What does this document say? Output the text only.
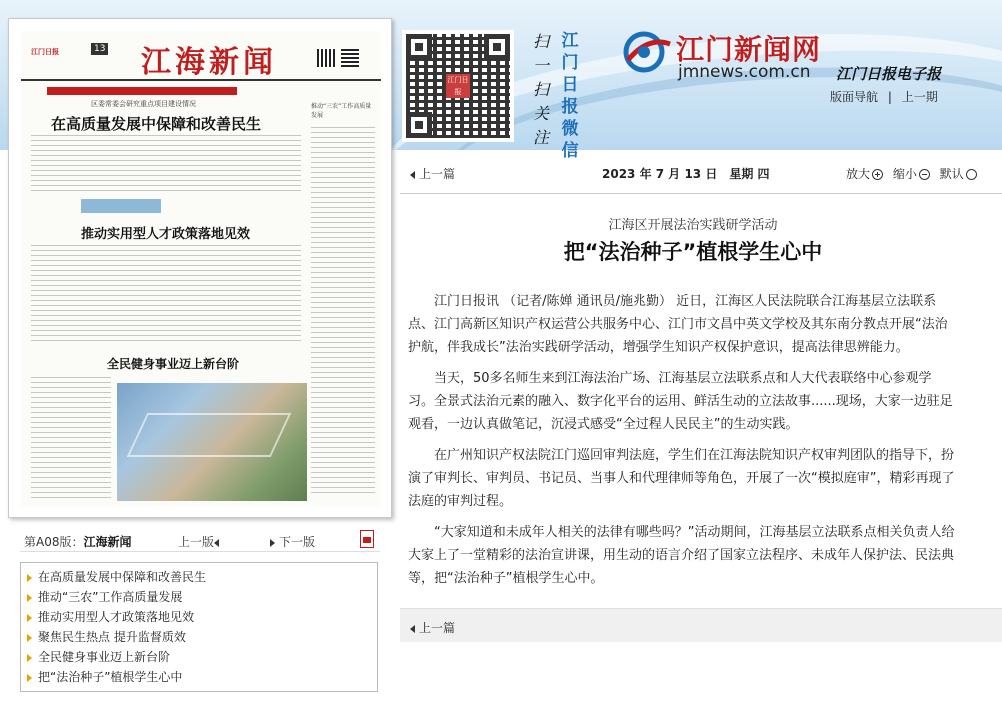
江门日报	13 江海新闻
区委常委会研究重点项目建设情况
在高质量发展中保障和改善民生
推动实用型人才政策落地见效
推动“三农”工作高质量发展
全民健身事业迈上新台阶
第A08版：江海新闻	上一版	下一版
在高质量发展中保障和改善民生
推动“三农”工作高质量发展
推动实用型人才政策落地见效
聚焦民生热点 提升监督质效
全民健身事业迈上新台阶
把“法治种子”植根学生心中
江门日报
扫一扫关注
江门日报微信
江门新闻网
jmnews.com.cn 江门日报电子报
版面导航 | 上一期
上一篇	2023 年 7 月 13 日　星期 四	放大 缩小 默认
江海区开展法治实践研学活动
把“法治种子”植根学生心中

江门日报讯 （记者/陈婵 通讯员/施兆勤） 近日，江海区人民法院联合江海基层立法联系点、江门高新区知识产权运营公共服务中心、江门市文昌中英文学校及其东南分教点开展“法治护航，伴我成长”法治实践研学活动，增强学生知识产权保护意识，提高法律思辨能力。

当天，50多名师生来到江海法治广场、江海基层立法联系点和人大代表联络中心参观学习。全景式法治元素的融入、数字化平台的运用、鲜活生动的立法故事......现场，大家一边驻足观看，一边认真做笔记，沉浸式感受“全过程人民民主”的生动实践。

在广州知识产权法院江门巡回审判法庭，学生们在江海法院知识产权审判团队的指导下，扮演了审判长、审判员、书记员、当事人和代理律师等角色，开展了一次“模拟庭审”，精彩再现了法庭的审判过程。

“大家知道和未成年人相关的法律有哪些吗？”活动期间，江海基层立法联系点相关负责人给大家上了一堂精彩的法治宣讲课，用生动的语言介绍了国家立法程序、未成年人保护法、民法典等，把“法治种子”植根学生心中。

上一篇
